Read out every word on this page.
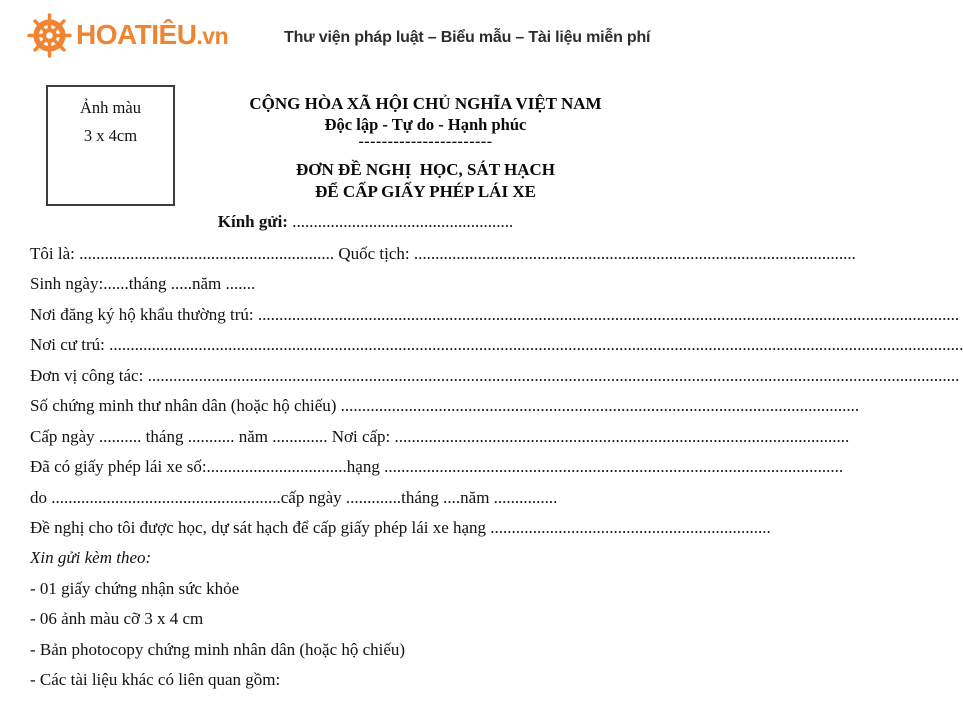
HOATIÊU.vn	Thư viện pháp luật – Biểu mẫu – Tài liệu miễn phí
Ảnh màu
3 x 4cm
CỘNG HÒA XÃ HỘI CHỦ NGHĨA VIỆT NAM
Độc lập - Tự do - Hạnh phúc
-----------------------
ĐƠN ĐỀ NGHỊ  HỌC, SÁT HẠCH
ĐỂ CẤP GIẤY PHÉP LÁI XE
Kính gửi: ....................................................

Tôi là: ............................................................ Quốc tịch: ........................................................................................................

Sinh ngày:......tháng .....năm .......

Nơi đăng ký hộ khẩu thường trú: .....................................................................................................................................................................

Nơi cư trú: .........................................................................................................................................................................................................

Đơn vị công tác: ...............................................................................................................................................................................................

Số chứng minh thư nhân dân (hoặc hộ chiếu) ..........................................................................................................................

Cấp ngày .......... tháng ........... năm ............. Nơi cấp: ...........................................................................................................

Đã có giấy phép lái xe số:.................................hạng ............................................................................................................

do ......................................................cấp ngày .............tháng ....năm ...............

Đề nghị cho tôi được học, dự sát hạch để cấp giấy phép lái xe hạng ..................................................................

Xin gửi kèm theo:

- 01 giấy chứng nhận sức khỏe

- 06 ảnh màu cỡ 3 x 4 cm

- Bản photocopy chứng minh nhân dân (hoặc hộ chiếu)

- Các tài liệu khác có liên quan gồm:
